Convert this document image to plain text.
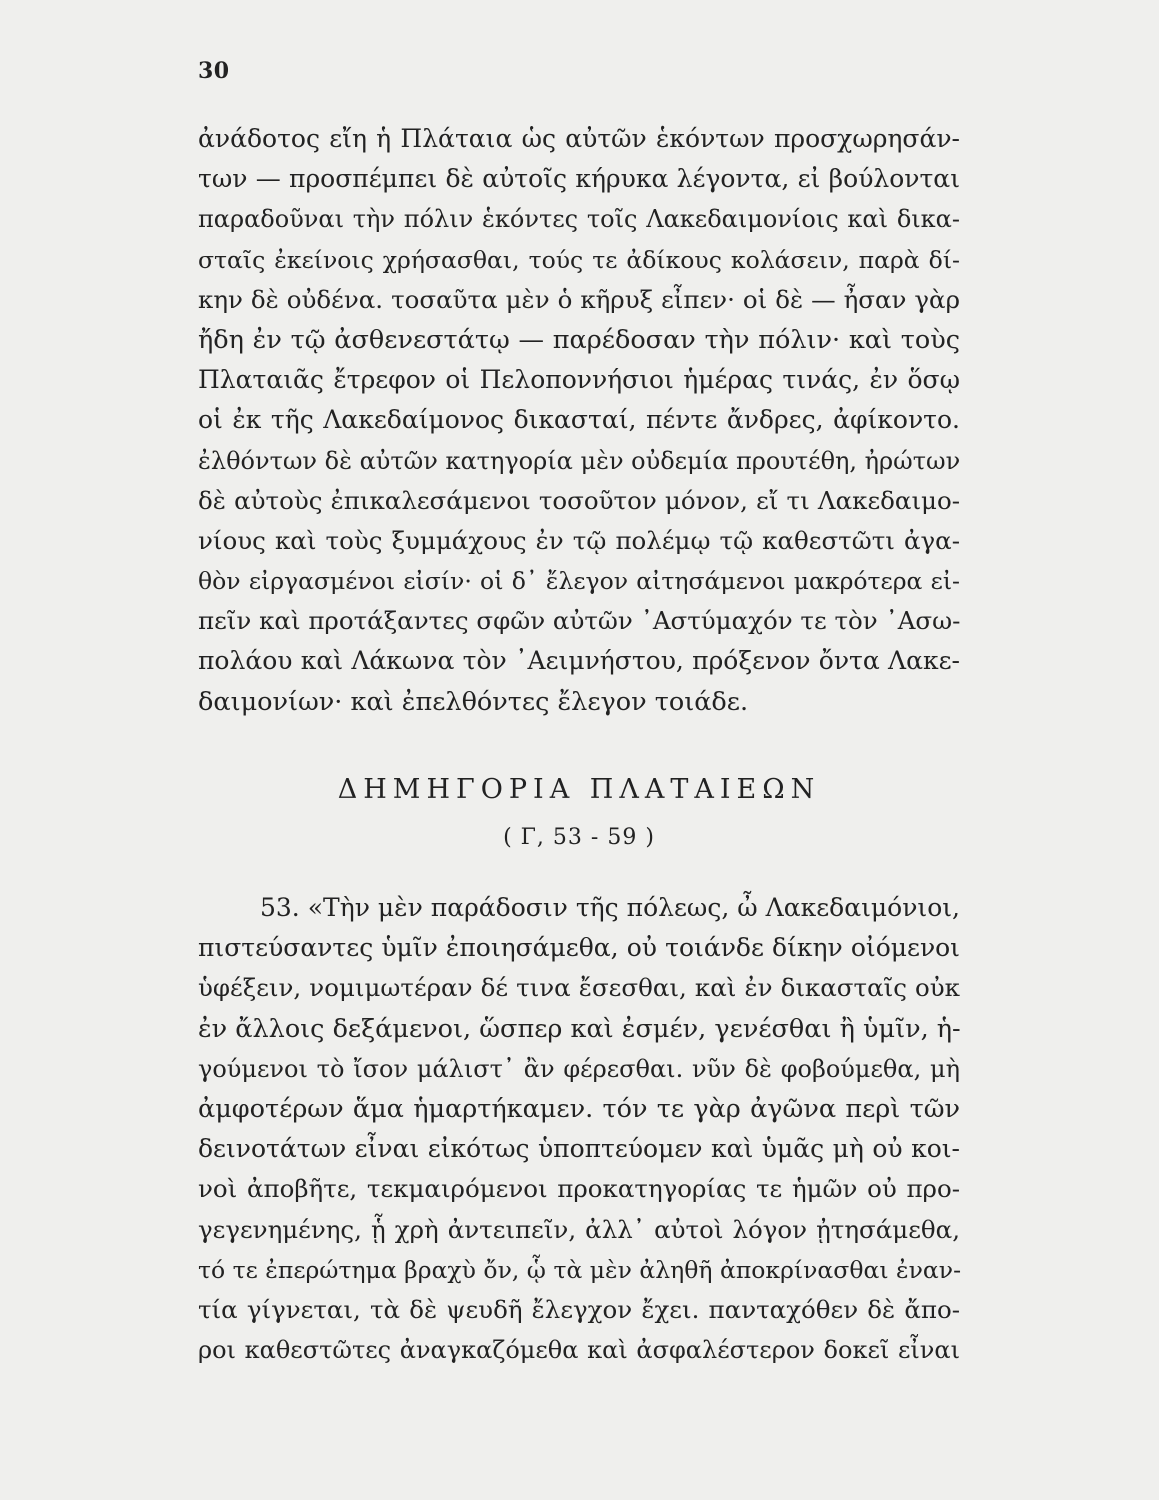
30
ἀνάδοτος εἴη ἡ Πλάταια ὡς αὐτῶν ἑκόντων προσχωρησάν-
των — προσπέμπει δὲ αὐτοῖς κήρυκα λέγοντα, εἰ βούλονται
παραδοῦναι τὴν πόλιν ἑκόντες τοῖς Λακεδαιμονίοις καὶ δικα-
σταῖς ἐκείνοις χρήσασθαι, τούς τε ἀδίκους κολάσειν, παρὰ δί-
κην δὲ οὐδένα. τοσαῦτα μὲν ὁ κῆρυξ εἶπεν· οἱ δὲ — ἦσαν γὰρ
ἤδη ἐν τῷ ἀσθενεστάτῳ — παρέδοσαν τὴν πόλιν· καὶ τοὺς
Πλαταιᾶς ἔτρεφον οἱ Πελοποννήσιοι ἡμέρας τινάς, ἐν ὅσῳ
οἱ ἐκ τῆς Λακεδαίμονος δικασταί, πέντε ἄνδρες, ἀφίκοντο.
ἐλθόντων δὲ αὐτῶν κατηγορία μὲν οὐδεμία προυτέθη, ἠρώτων
δὲ αὐτοὺς ἐπικαλεσάμενοι τοσοῦτον μόνον, εἴ τι Λακεδαιμο-
νίους καὶ τοὺς ξυμμάχους ἐν τῷ πολέμῳ τῷ καθεστῶτι ἀγα-
θὸν εἰργασμένοι εἰσίν· οἱ δ᾽ ἔλεγον αἰτησάμενοι μακρότερα εἰ-
πεῖν καὶ προτάξαντες σφῶν αὐτῶν ᾿Αστύμαχόν τε τὸν ᾿Ασω-
πολάου καὶ Λάκωνα τὸν ᾿Αειμνήστου, πρόξενον ὄντα Λακε-
δαιμονίων· καὶ ἐπελθόντες ἔλεγον τοιάδε.
ΔΗΜΗΓΟΡΙΑ ΠΛΑΤΑΙΕΩΝ
( Γ, 53 - 59 )
53. «Τὴν μὲν παράδοσιν τῆς πόλεως, ὦ Λακεδαιμόνιοι,
πιστεύσαντες ὑμῖν ἐποιησάμεθα, οὐ τοιάνδε δίκην οἰόμενοι
ὑφέξειν, νομιμωτέραν δέ τινα ἔσεσθαι, καὶ ἐν δικασταῖς οὐκ
ἐν ἄλλοις δεξάμενοι, ὥσπερ καὶ ἐσμέν, γενέσθαι ἢ ὑμῖν, ἡ-
γούμενοι τὸ ἴσον μάλιστ᾽ ἂν φέρεσθαι. νῦν δὲ φοβούμεθα, μὴ
ἀμφοτέρων ἅμα ἡμαρτήκαμεν. τόν τε γὰρ ἀγῶνα περὶ τῶν
δεινοτάτων εἶναι εἰκότως ὑποπτεύομεν καὶ ὑμᾶς μὴ οὐ κοι-
νοὶ ἀποβῆτε, τεκμαιρόμενοι προκατηγορίας τε ἡμῶν οὐ προ-
γεγενημένης, ᾗ χρὴ ἀντειπεῖν, ἀλλ᾽ αὐτοὶ λόγον ᾐτησάμεθα,
τό τε ἐπερώτημα βραχὺ ὄν, ᾧ τὰ μὲν ἀληθῆ ἀποκρίνασθαι ἐναν-
τία γίγνεται, τὰ δὲ ψευδῆ ἔλεγχον ἔχει. πανταχόθεν δὲ ἄπο-
ροι καθεστῶτες ἀναγκαζόμεθα καὶ ἀσφαλέστερον δοκεῖ εἶναι
